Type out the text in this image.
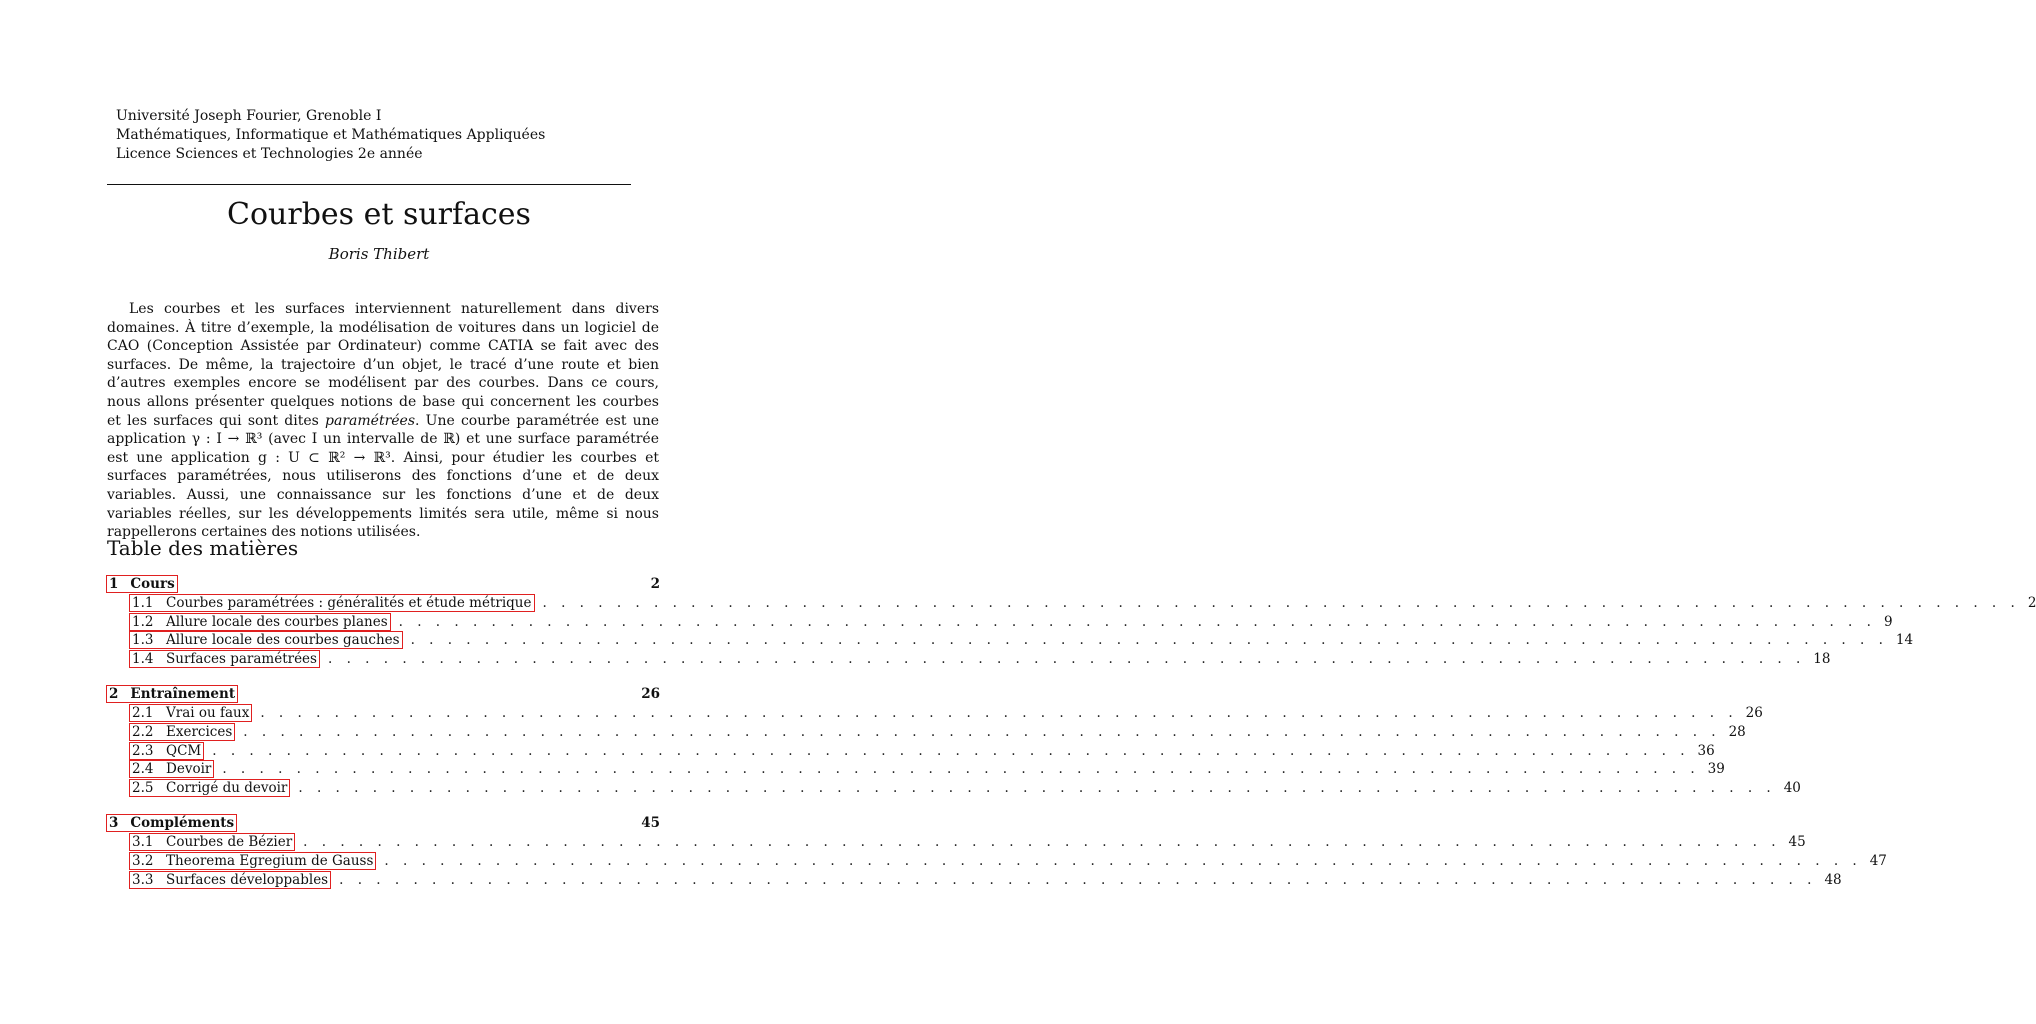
Université Joseph Fourier, Grenoble I
Mathématiques, Informatique et Mathématiques Appliquées
Licence Sciences et Technologies 2e année
Courbes et surfaces
Boris Thibert

Les courbes et les surfaces interviennent naturellement dans divers domaines. À titre d’exemple, la modélisation de voitures dans un logiciel de CAO (Conception Assistée par Ordinateur) comme CATIA se fait avec des surfaces. De même, la trajectoire d’un objet, le tracé d’une route et bien d’autres exemples encore se modélisent par des courbes. Dans ce cours, nous allons présenter quelques notions de base qui concernent les courbes et les surfaces qui sont dites paramétrées. Une courbe paramétrée est une application γ : I → ℝ³ (avec I un intervalle de ℝ) et une surface paramétrée est une application g : U ⊂ ℝ² → ℝ³. Ainsi, pour étudier les courbes et surfaces paramétrées, nous utiliserons des fonctions d’une et de deux variables. Aussi, une connaissance sur les fonctions d’une et de deux variables réelles, sur les développements limités sera utile, même si nous rappellerons certaines des notions utilisées.

Table des matières
1 Cours	2
1.1 Courbes paramétrées : généralités et étude métrique . . . . . . . . . . . . . . . . . . . . . . . . . . . . . . . . . . . . . . . . . . . . . . . . . . . . . . . . . . . . . . . . . . . . . . . . . . . . . . . . 2
1.2 Allure locale des courbes planes . . . . . . . . . . . . . . . . . . . . . . . . . . . . . . . . . . . . . . . . . . . . . . . . . . . . . . . . . . . . . . . . . . . . . . . . . . . . . . . . 9
1.3 Allure locale des courbes gauches . . . . . . . . . . . . . . . . . . . . . . . . . . . . . . . . . . . . . . . . . . . . . . . . . . . . . . . . . . . . . . . . . . . . . . . . . . . . . . . . 14
1.4 Surfaces paramétrées . . . . . . . . . . . . . . . . . . . . . . . . . . . . . . . . . . . . . . . . . . . . . . . . . . . . . . . . . . . . . . . . . . . . . . . . . . . . . . . . 18
2 Entraînement	26
2.1 Vrai ou faux . . . . . . . . . . . . . . . . . . . . . . . . . . . . . . . . . . . . . . . . . . . . . . . . . . . . . . . . . . . . . . . . . . . . . . . . . . . . . . . . 26
2.2 Exercices . . . . . . . . . . . . . . . . . . . . . . . . . . . . . . . . . . . . . . . . . . . . . . . . . . . . . . . . . . . . . . . . . . . . . . . . . . . . . . . . 28
2.3 QCM . . . . . . . . . . . . . . . . . . . . . . . . . . . . . . . . . . . . . . . . . . . . . . . . . . . . . . . . . . . . . . . . . . . . . . . . . . . . . . . . 36
2.4 Devoir . . . . . . . . . . . . . . . . . . . . . . . . . . . . . . . . . . . . . . . . . . . . . . . . . . . . . . . . . . . . . . . . . . . . . . . . . . . . . . . . 39
2.5 Corrigé du devoir . . . . . . . . . . . . . . . . . . . . . . . . . . . . . . . . . . . . . . . . . . . . . . . . . . . . . . . . . . . . . . . . . . . . . . . . . . . . . . . . 40
3 Compléments	45
3.1 Courbes de Bézier . . . . . . . . . . . . . . . . . . . . . . . . . . . . . . . . . . . . . . . . . . . . . . . . . . . . . . . . . . . . . . . . . . . . . . . . . . . . . . . . 45
3.2 Theorema Egregium de Gauss . . . . . . . . . . . . . . . . . . . . . . . . . . . . . . . . . . . . . . . . . . . . . . . . . . . . . . . . . . . . . . . . . . . . . . . . . . . . . . . . 47
3.3 Surfaces développables . . . . . . . . . . . . . . . . . . . . . . . . . . . . . . . . . . . . . . . . . . . . . . . . . . . . . . . . . . . . . . . . . . . . . . . . . . . . . . . . 48
